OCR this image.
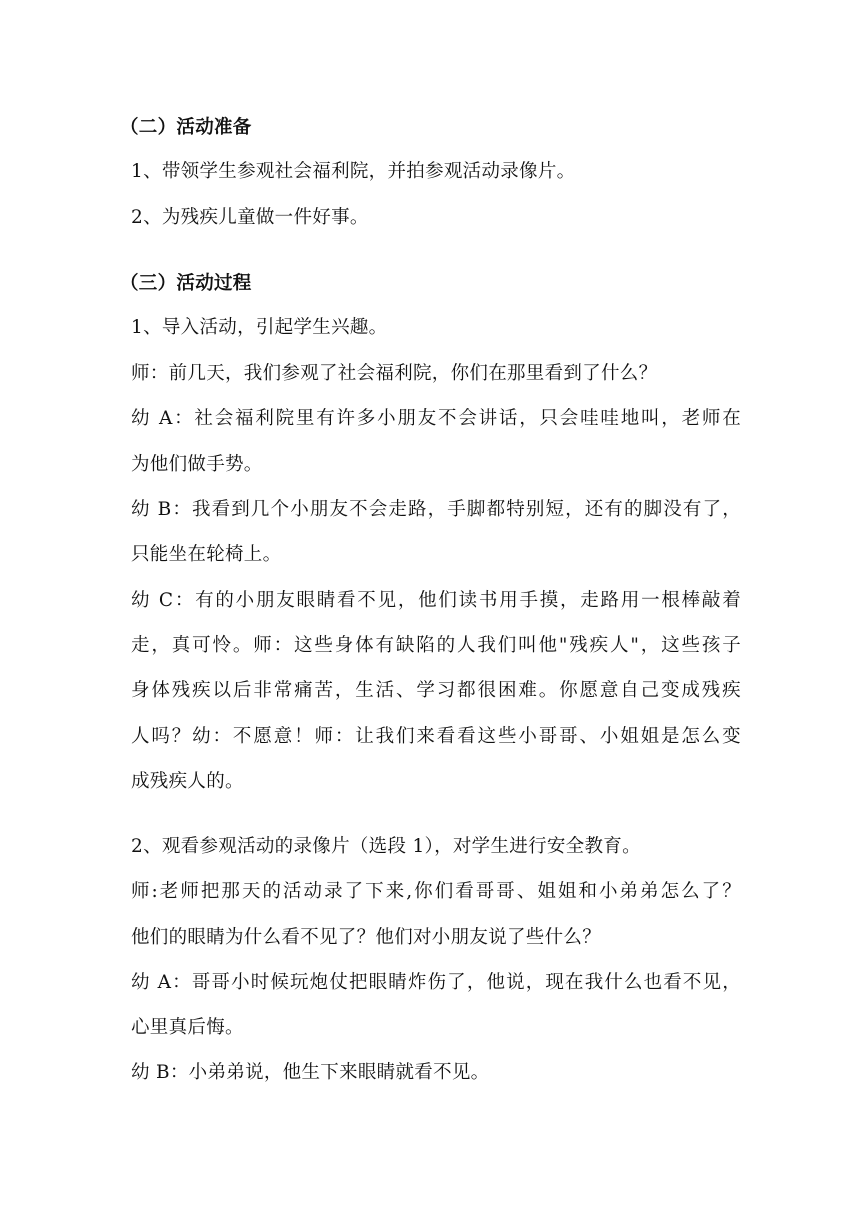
（二）活动准备
1、带领学生参观社会福利院，并拍参观活动录像片。
2、为残疾儿童做一件好事。
（三）活动过程
1、导入活动，引起学生兴趣。
师：前几天，我们参观了社会福利院，你们在那里看到了什么？
幼 A：社会福利院里有许多小朋友不会讲话，只会哇哇地叫，老师在
为他们做手势。
幼 B：我看到几个小朋友不会走路，手脚都特别短，还有的脚没有了，
只能坐在轮椅上。
幼 C：有的小朋友眼睛看不见，他们读书用手摸，走路用一根棒敲着
走，真可怜。师：这些身体有缺陷的人我们叫他"残疾人"，这些孩子
身体残疾以后非常痛苦，生活、学习都很困难。你愿意自己变成残疾
人吗？幼：不愿意！师：让我们来看看这些小哥哥、小姐姐是怎么变
成残疾人的。
2、观看参观活动的录像片（选段 1），对学生进行安全教育。
师:老师把那天的活动录了下来,你们看哥哥、姐姐和小弟弟怎么了？
他们的眼睛为什么看不见了？他们对小朋友说了些什么？
幼 A：哥哥小时候玩炮仗把眼睛炸伤了，他说，现在我什么也看不见，
心里真后悔。
幼 B：小弟弟说，他生下来眼睛就看不见。
